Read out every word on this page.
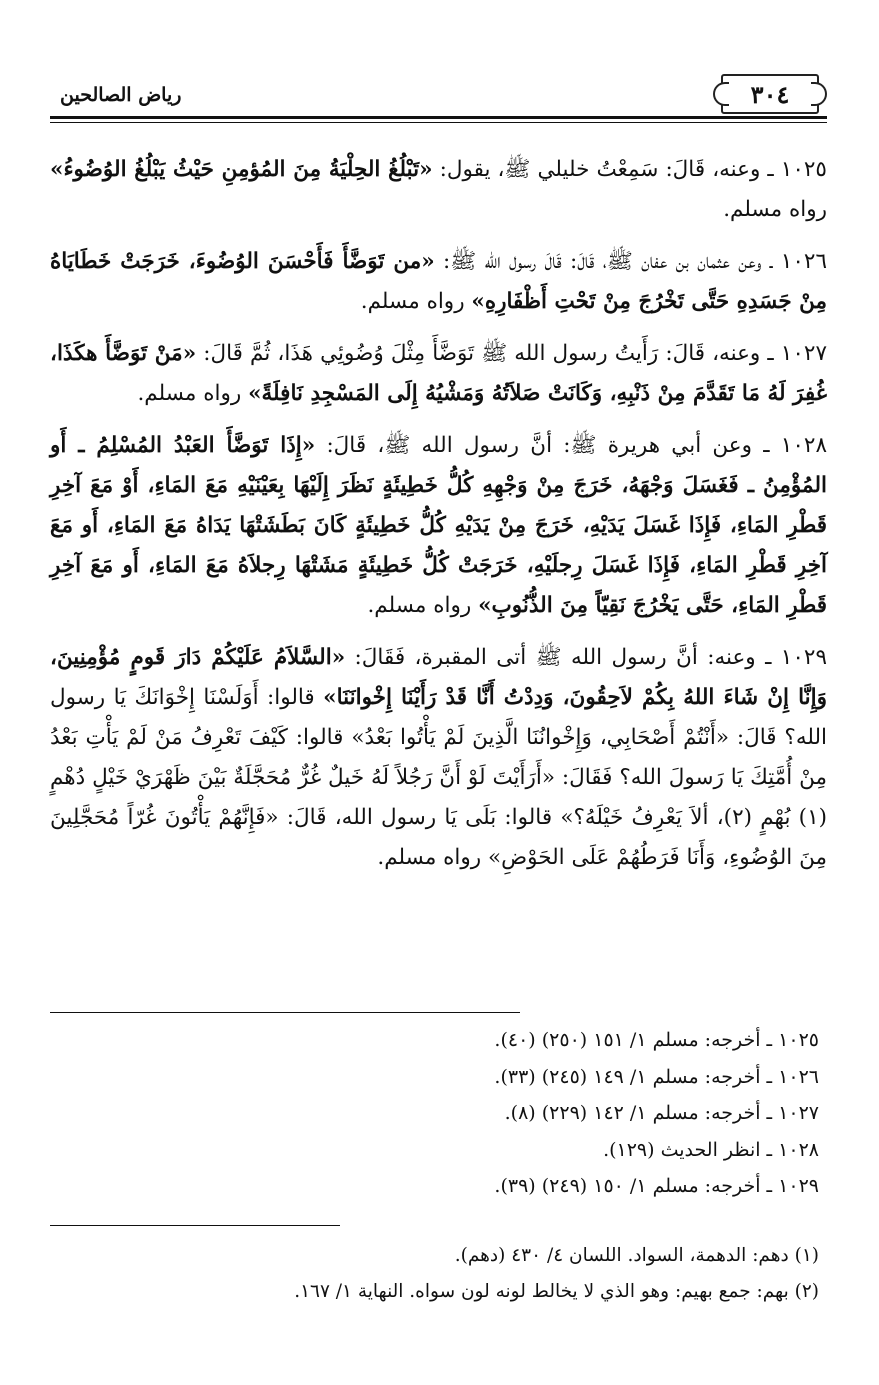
٣٠٤
رياض الصالحين

١٠٢٥ ـ وعنه، قَالَ: سَمِعْتُ خليلي ﷺ، يقول: «تَبْلُغُ الحِلْيَةُ مِنَ المُؤمِنِ حَيْثُ يَبْلُغُ الوُضُوءُ» رواه مسلم.

١٠٢٦ ـ وعن عثمان بن عفان ﷺ، قَالَ: قَالَ رسول الله ﷺ: «من تَوَضَّأَ فَأَحْسَنَ الوُضُوءَ، خَرَجَتْ خَطَايَاهُ مِنْ جَسَدِهِ حَتَّى تَخْرُجَ مِنْ تَحْتِ أَظْفَارِهِ» رواه مسلم.

١٠٢٧ ـ وعنه، قَالَ: رَأَيتُ رسول الله ﷺ تَوَضَّأَ مِثْلَ وُضُوئِي هَذَا، ثُمَّ قَالَ: «مَنْ تَوَضَّأَ هكَذَا، غُفِرَ لَهُ مَا تَقَدَّمَ مِنْ ذَنْبِهِ، وَكَانَتْ صَلاَتُهُ وَمَشْيُهُ إِلَى المَسْجِدِ نَافِلَةً» رواه مسلم.

١٠٢٨ ـ وعن أبي هريرة ﷺ: أنَّ رسول الله ﷺ، قَالَ: «إِذَا تَوَضَّأَ العَبْدُ المُسْلِمُ ـ أَو المُؤْمِنُ ـ فَغَسَلَ وَجْهَهُ، خَرَجَ مِنْ وَجْهِهِ كُلُّ خَطِيئَةٍ نَظَرَ إِلَيْهَا بِعَيْنَيْهِ مَعَ المَاءِ، أَوْ مَعَ آخِرِ قَطْرِ المَاءِ، فَإِذَا غَسَلَ يَدَيْهِ، خَرَجَ مِنْ يَدَيْهِ كُلُّ خَطِيئَةٍ كَانَ بَطَشَتْهَا يَدَاهُ مَعَ المَاءِ، أَو مَعَ آخِرِ قَطْرِ المَاءِ، فَإِذَا غَسَلَ رِجلَيْهِ، خَرَجَتْ كُلُّ خَطِيئَةٍ مَشَتْهَا رِجلاَهُ مَعَ المَاءِ، أَو مَعَ آخِرِ قَطْرِ المَاءِ، حَتَّى يَخْرُجَ نَقِيّاً مِنَ الذُّنُوبِ» رواه مسلم.

١٠٢٩ ـ وعنه: أنَّ رسول الله ﷺ أتى المقبرة، فَقَالَ: «السَّلاَمُ عَلَيْكُمْ دَارَ قَومٍ مُؤْمِنِينَ، وَإِنَّا إِنْ شَاءَ اللهُ بِكُمْ لاَحِقُونَ، وَدِدْتُ أَنَّا قَدْ رَأَيْنَا إِخْوانَنَا» قالوا: أَوَلَسْنَا إِخْوَانَكَ يَا رسول الله؟ قَالَ: «أَنْتُمْ أَصْحَابِي، وَإِخْوانُنَا الَّذِينَ لَمْ يَأْتُوا بَعْدُ» قالوا: كَيْفَ تَعْرِفُ مَنْ لَمْ يَأْتِ بَعْدُ مِنْ أُمَّتِكَ يَا رَسولَ الله؟ فَقَالَ: «أَرَأَيْتَ لَوْ أَنَّ رَجُلاً لَهُ خَيلٌ غُرٌّ مُحَجَّلَةٌ بَيْنَ ظَهْرَيْ خَيْلٍ دُهْمٍ (١) بُهْمٍ (٢)، ألاَ يَعْرِفُ خَيْلَهُ؟» قالوا: بَلَى يَا رسول الله، قَالَ: «فَإِنَّهُمْ يَأْتُونَ غُرّاً مُحَجَّلِينَ مِنَ الوُضُوءِ، وَأَنَا فَرَطُهُمْ عَلَى الحَوْضِ» رواه مسلم.

١٠٢٥ ـ أخرجه: مسلم ١/ ١٥١ (٢٥٠) (٤٠).
١٠٢٦ ـ أخرجه: مسلم ١/ ١٤٩ (٢٤٥) (٣٣).
١٠٢٧ ـ أخرجه: مسلم ١/ ١٤٢ (٢٢٩) (٨).
١٠٢٨ ـ انظر الحديث (١٢٩).
١٠٢٩ ـ أخرجه: مسلم ١/ ١٥٠ (٢٤٩) (٣٩).
(١) دهم: الدهمة، السواد. اللسان ٤/ ٤٣٠ (دهم).
(٢) بهم: جمع بهيم: وهو الذي لا يخالط لونه لون سواه. النهاية ١/ ١٦٧.
